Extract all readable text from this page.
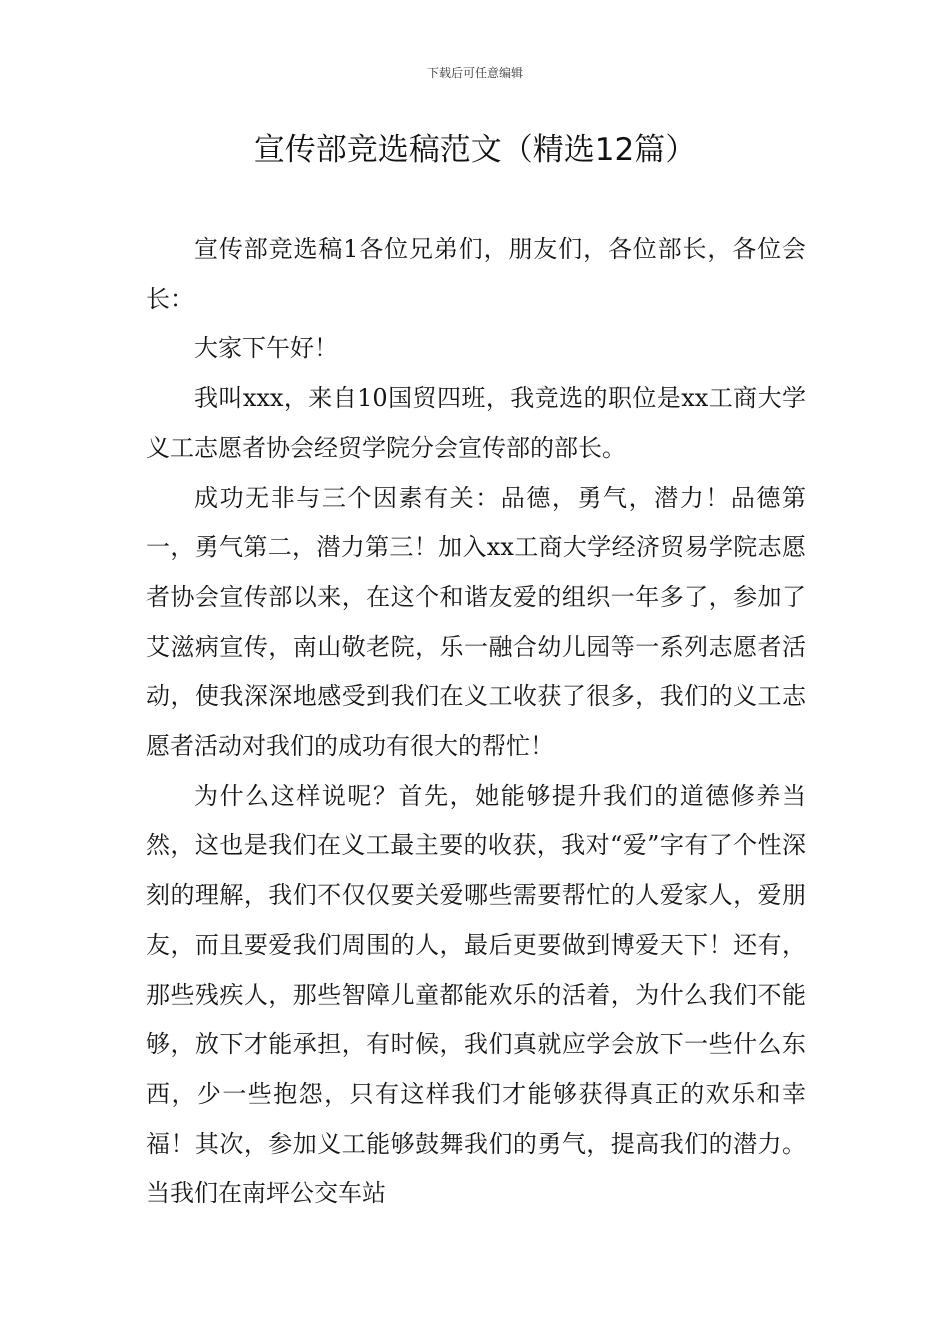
下载后可任意编辑
宣传部竞选稿范文（精选12篇）

宣传部竞选稿1各位兄弟们，朋友们，各位部长，各位会长：

大家下午好！

我叫xxx，来自10国贸四班，我竞选的职位是xx工商大学义工志愿者协会经贸学院分会宣传部的部长。

成功无非与三个因素有关：品德，勇气，潜力！品德第一，勇气第二，潜力第三！加入xx工商大学经济贸易学院志愿者协会宣传部以来，在这个和谐友爱的组织一年多了，参加了艾滋病宣传，南山敬老院，乐一融合幼儿园等一系列志愿者活动，使我深深地感受到我们在义工收获了很多，我们的义工志愿者活动对我们的成功有很大的帮忙！

为什么这样说呢？首先，她能够提升我们的道德修养当然，这也是我们在义工最主要的收获，我对“爱”字有了个性深刻的理解，我们不仅仅要关爱哪些需要帮忙的人爱家人，爱朋友，而且要爱我们周围的人，最后更要做到博爱天下！还有，那些残疾人，那些智障儿童都能欢乐的活着，为什么我们不能够，放下才能承担，有时候，我们真就应学会放下一些什么东西，少一些抱怨，只有这样我们才能够获得真正的欢乐和幸福！其次，参加义工能够鼓舞我们的勇气，提高我们的潜力。当我们在南坪公交车站
